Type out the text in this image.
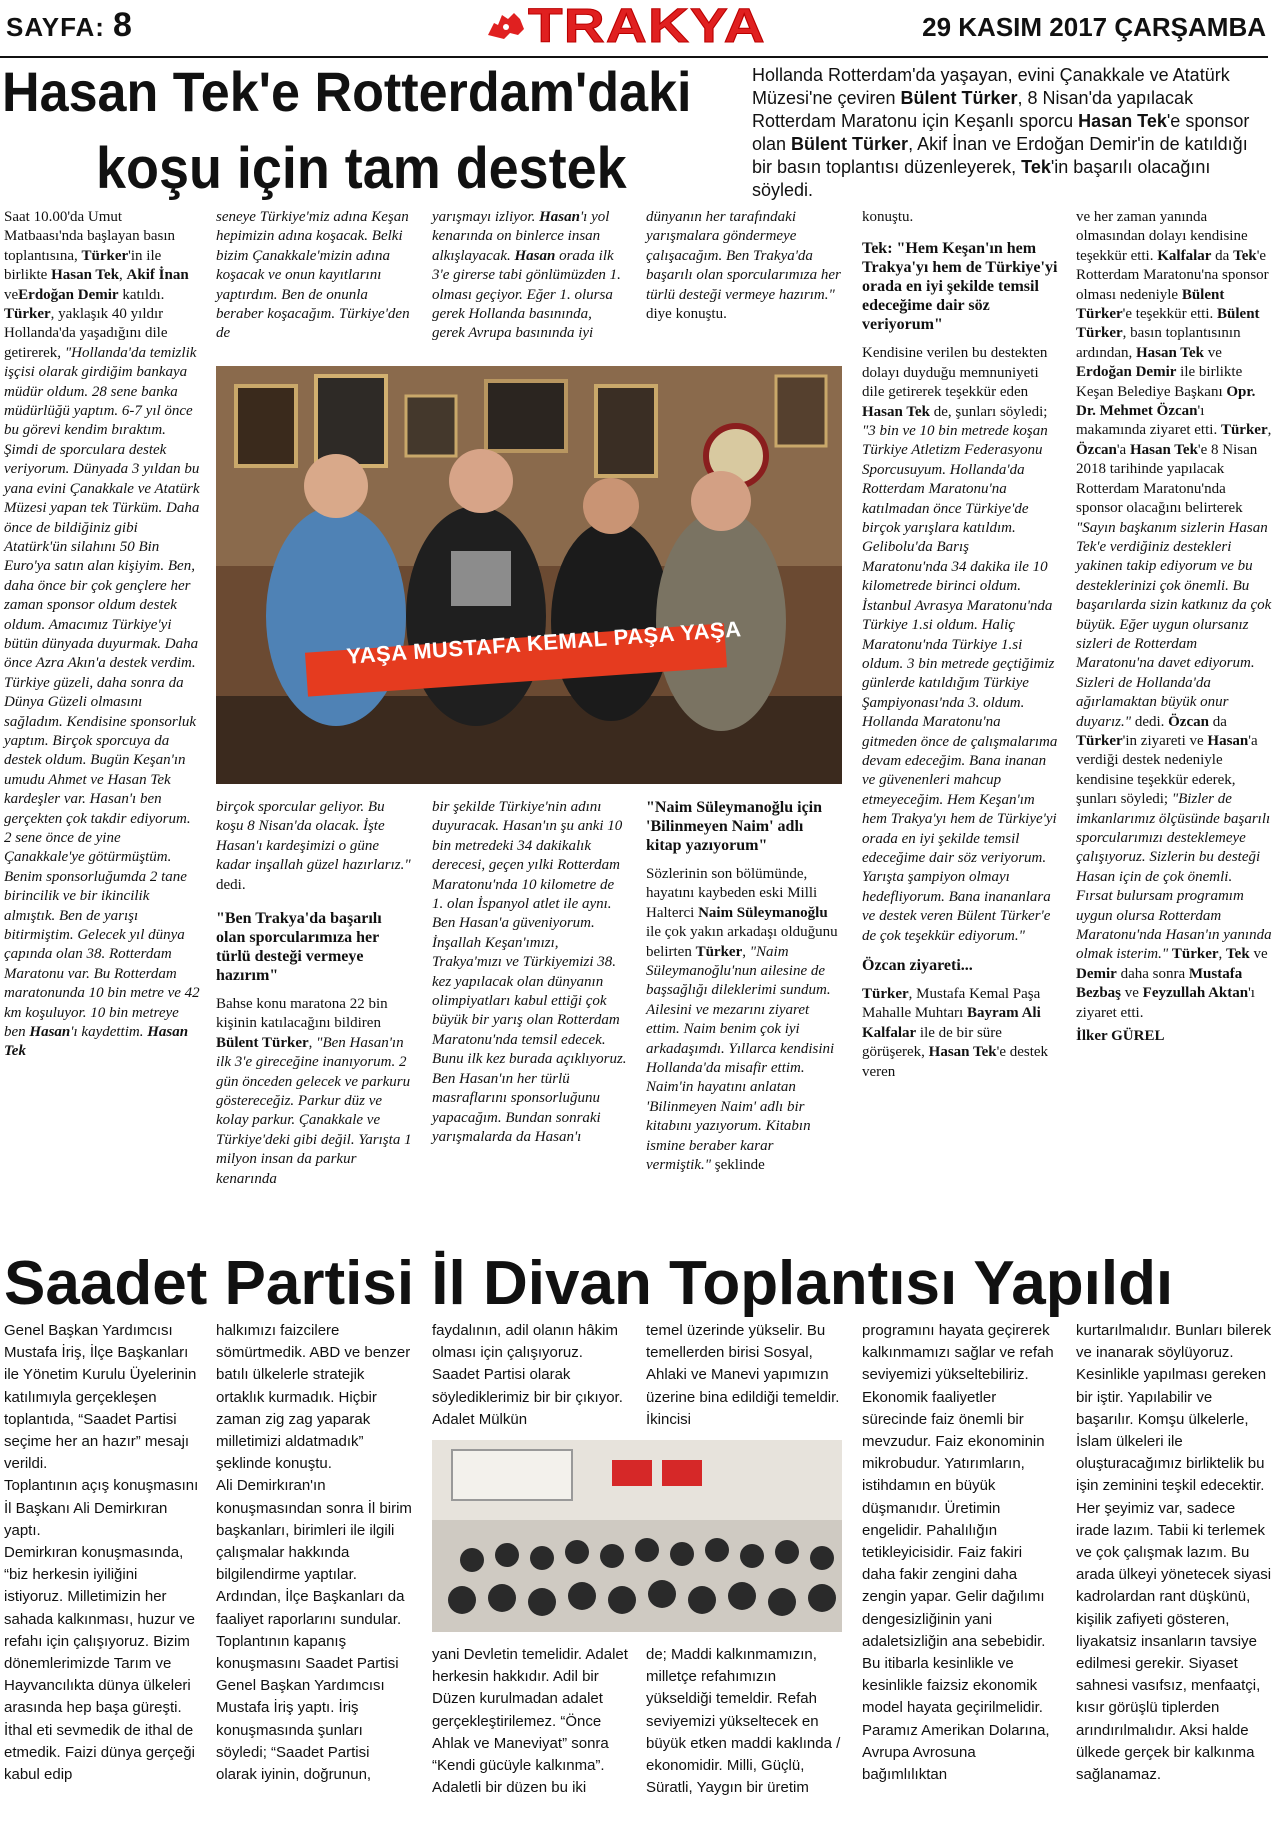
SAYFA: 8	TRAKYA	29 KASIM 2017 ÇARŞAMBA
Hasan Tek'e Rotterdam'daki
koşu için tam destek
Hollanda Rotterdam'da yaşayan, evini Çanakkale ve Atatürk Müzesi'ne çeviren Bülent Türker, 8 Nisan'da yapılacak Rotterdam Maratonu için Keşanlı sporcu Hasan Tek'e sponsor olan Bülent Türker, Akif İnan ve Erdoğan Demir'in de katıldığı bir basın toplantısı düzenleyerek, Tek'in başarılı olacağını söyledi.
Saat 10.00'da Umut Matbaası'nda başlayan basın toplantısına, Türker'in ile birlikte Hasan Tek, Akif İnan veErdoğan Demir katıldı. Türker, yaklaşık 40 yıldır Hollanda'da yaşadığını dile getirerek, "Hollanda'da temizlik işçisi olarak girdiğim bankaya müdür oldum. 28 sene banka müdürlüğü yaptım. 6-7 yıl önce bu görevi kendim bıraktım. Şimdi de sporculara destek veriyorum. Dünyada 3 yıldan bu yana evini Çanakkale ve Atatürk Müzesi yapan tek Türküm. Daha önce de bildiğiniz gibi Atatürk'ün silahını 50 Bin Euro'ya satın alan kişiyim. Ben, daha önce bir çok gençlere her zaman sponsor oldum destek oldum. Amacımız Türkiye'yi bütün dünyada duyurmak. Daha önce Azra Akın'a destek verdim. Türkiye güzeli, daha sonra da Dünya Güzeli olmasını sağladım. Kendisine sponsorluk yaptım. Birçok sporcuya da destek oldum. Bugün Keşan'ın umudu Ahmet ve Hasan Tek kardeşler var. Hasan'ı ben gerçekten çok takdir ediyorum. 2 sene önce de yine Çanakkale'ye götürmüştüm. Benim sponsorluğumda 2 tane birincilik ve bir ikincilik almıştık. Ben de yarışı bitirmiştim. Gelecek yıl dünya çapında olan 38. Rotterdam Maratonu var. Bu Rotterdam maratonunda 10 bin metre ve 42 km koşuluyor. 10 bin metreye ben Hasan'ı kaydettim. Hasan Tek
seneye Türkiye'miz adına Keşan hepimizin adına koşacak. Belki bizim Çanakkale'mizin adına koşacak ve onun kayıtlarını yaptırdım. Ben de onunla beraber koşacağım. Türkiye'den de
yarışmayı izliyor. Hasan'ı yol kenarında on binlerce insan alkışlayacak. Hasan orada ilk 3'e girerse tabi gönlümüzden 1. olması geçiyor. Eğer 1. olursa gerek Hollanda basınında, gerek Avrupa basınında iyi
dünyanın her tarafındaki yarışmalara göndermeye çalışacağım. Ben Trakya'da başarılı olan sporcularımıza her türlü desteği vermeye hazırım." diye konuştu.
YAŞA MUSTAFA KEMAL PAŞA YAŞA

birçok sporcular geliyor. Bu koşu 8 Nisan'da olacak. İşte Hasan'ı kardeşimizi o güne kadar inşallah güzel hazırlarız." dedi.

"Ben Trakya'da başarılı olan sporcularımıza her türlü desteği vermeye hazırım"

Bahse konu maratona 22 bin kişinin katılacağını bildiren Bülent Türker, "Ben Hasan'ın ilk 3'e gireceğine inanıyorum. 2 gün önceden gelecek ve parkuru göstereceğiz. Parkur düz ve kolay parkur. Çanakkale ve Türkiye'deki gibi değil. Yarışta 1 milyon insan da parkur kenarında

bir şekilde Türkiye'nin adını duyuracak. Hasan'ın şu anki 10 bin metredeki 34 dakikalık derecesi, geçen yılki Rotterdam Maratonu'nda 10 kilometre de 1. olan İspanyol atlet ile aynı. Ben Hasan'a güveniyorum. İnşallah Keşan'ımızı, Trakya'mızı ve Türkiyemizi 38. kez yapılacak olan dünyanın olimpiyatları kabul ettiği çok büyük bir yarış olan Rotterdam Maratonu'nda temsil edecek. Bunu ilk kez burada açıklıyoruz. Ben Hasan'ın her türlü masraflarını sponsorluğunu yapacağım. Bundan sonraki yarışmalarda da Hasan'ı
"Naim Süleymanoğlu için 'Bilinmeyen Naim' adlı kitap yazıyorum"

Sözlerinin son bölümünde, hayatını kaybeden eski Milli Halterci Naim Süleymanoğlu ile çok yakın arkadaşı olduğunu belirten Türker, "Naim Süleymanoğlu'nun ailesine de başsağlığı dileklerimi sundum. Ailesini ve mezarını ziyaret ettim. Naim benim çok iyi arkadaşımdı. Yıllarca kendisini Hollanda'da misafir ettim. Naim'in hayatını anlatan 'Bilinmeyen Naim' adlı bir kitabını yazıyorum. Kitabın ismine beraber karar vermiştik." şeklinde

konuştu.

Tek: "Hem Keşan'ın hem Trakya'yı hem de Türkiye'yi orada en iyi şekilde temsil edeceğime dair söz veriyorum"

Kendisine verilen bu destekten dolayı duyduğu memnuniyeti dile getirerek teşekkür eden Hasan Tek de, şunları söyledi; "3 bin ve 10 bin metrede koşan Türkiye Atletizm Federasyonu Sporcusuyum. Hollanda'da Rotterdam Maratonu'na katılmadan önce Türkiye'de birçok yarışlara katıldım. Gelibolu'da Barış Maratonu'nda 34 dakika ile 10 kilometrede birinci oldum. İstanbul Avrasya Maratonu'nda Türkiye 1.si oldum. Haliç Maratonu'nda Türkiye 1.si oldum. 3 bin metrede geçtiğimiz günlerde katıldığım Türkiye Şampiyonası'nda 3. oldum. Hollanda Maratonu'na gitmeden önce de çalışmalarıma devam edeceğim. Bana inanan ve güvenenleri mahcup etmeyeceğim. Hem Keşan'ım hem Trakya'yı hem de Türkiye'yi orada en iyi şekilde temsil edeceğime dair söz veriyorum. Yarışta şampiyon olmayı hedefliyorum. Bana inananlara ve destek veren Bülent Türker'e de çok teşekkür ediyorum."

Özcan ziyareti...

Türker, Mustafa Kemal Paşa Mahalle Muhtarı Bayram Ali Kalfalar ile de bir süre görüşerek, Hasan Tek'e destek veren

ve her zaman yanında olmasından dolayı kendisine teşekkür etti. Kalfalar da Tek'e Rotterdam Maratonu'na sponsor olması nedeniyle Bülent Türker'e teşekkür etti. Bülent Türker, basın toplantısının ardından, Hasan Tek ve Erdoğan Demir ile birlikte Keşan Belediye Başkanı Opr. Dr. Mehmet Özcan'ı makamında ziyaret etti. Türker, Özcan'a Hasan Tek'e 8 Nisan 2018 tarihinde yapılacak Rotterdam Maratonu'nda sponsor olacağını belirterek "Sayın başkanım sizlerin Hasan Tek'e verdiğiniz destekleri yakinen takip ediyorum ve bu desteklerinizi çok önemli. Bu başarılarda sizin katkınız da çok büyük. Eğer uygun olursanız sizleri de Rotterdam Maratonu'na davet ediyorum. Sizleri de Hollanda'da ağırlamaktan büyük onur duyarız." dedi. Özcan da Türker'in ziyareti ve Hasan'a verdiği destek nedeniyle kendisine teşekkür ederek, şunları söyledi; "Bizler de imkanlarımız ölçüsünde başarılı sporcularımızı desteklemeye çalışıyoruz. Sizlerin bu desteği Hasan için de çok önemli. Fırsat bulursam programım uygun olursa Rotterdam Maratonu'nda Hasan'ın yanında olmak isterim." Türker, Tek ve Demir daha sonra Mustafa Bezbaş ve Feyzullah Aktan'ı ziyaret etti.

İlker GÜREL

Saadet Partisi İl Divan Toplantısı Yapıldı
Genel Başkan Yardımcısı Mustafa İriş, İlçe Başkanları ile Yönetim Kurulu Üyelerinin katılımıyla gerçekleşen toplantıda, “Saadet Partisi seçime her an hazır” mesajı verildi.
Toplantının açış konuşmasını İl Başkanı Ali Demirkıran yaptı.
Demirkıran konuşmasında, “biz herkesin iyiliğini istiyoruz. Milletimizin her sahada kalkınması, huzur ve refahı için çalışıyoruz. Bizim dönemlerimizde Tarım ve Hayvancılıkta dünya ülkeleri arasında hep başa güreşti. İthal eti sevmedik de ithal de etmedik. Faizi dünya gerçeği kabul edip
halkımızı faizcilere sömürtmedik. ABD ve benzer batılı ülkelerle stratejik ortaklık kurmadık. Hiçbir zaman zig zag yaparak milletimizi aldatmadık” şeklinde konuştu.
Ali Demirkıran'ın konuşmasından sonra İl birim başkanları, birimleri ile ilgili çalışmalar hakkında bilgilendirme yaptılar. Ardından, İlçe Başkanları da faaliyet raporlarını sundular.
Toplantının kapanış konuşmasını Saadet Partisi Genel Başkan Yardımcısı Mustafa İriş yaptı. İriş konuşmasında şunları söyledi; “Saadet Partisi olarak iyinin, doğrunun,
faydalının, adil olanın hâkim olması için çalışıyoruz. Saadet Partisi olarak söylediklerimiz bir bir çıkıyor. Adalet Mülkün
temel üzerinde yükselir. Bu temellerden birisi Sosyal, Ahlaki ve Manevi yapımızın üzerine bina edildiği temeldir. İkincisi
yani Devletin temelidir. Adalet herkesin hakkıdır. Adil bir Düzen kurulmadan adalet gerçekleştirilemez. “Önce Ahlak ve Maneviyat” sonra “Kendi gücüyle kalkınma”. Adaletli bir düzen bu iki
de; Maddi kalkınmamızın, milletçe refahımızın yükseldiği temeldir. Refah seviyemizi yükseltecek en büyük etken maddi kaklında / ekonomidir. Milli, Güçlü, Süratli, Yaygın bir üretim
programını hayata geçirerek kalkınmamızı sağlar ve refah seviyemizi yükseltebiliriz.
Ekonomik faaliyetler sürecinde faiz önemli bir mevzudur. Faiz ekonominin mikrobudur. Yatırımların, istihdamın en büyük düşmanıdır. Üretimin engelidir. Pahalılığın tetikleyicisidir. Faiz fakiri daha fakir zengini daha zengin yapar. Gelir dağılımı dengesizliğinin yani adaletsizliğin ana sebebidir.
Bu itibarla kesinlikle ve kesinlikle faizsiz ekonomik model hayata geçirilmelidir. Paramız Amerikan Dolarına, Avrupa Avrosuna bağımlılıktan
kurtarılmalıdır. Bunları bilerek ve inanarak söylüyoruz. Kesinlikle yapılması gereken bir iştir. Yapılabilir ve başarılır. Komşu ülkelerle, İslam ülkeleri ile oluşturacağımız birliktelik bu işin zeminini teşkil edecektir. Her şeyimiz var, sadece irade lazım. Tabii ki terlemek ve çok çalışmak lazım. Bu arada ülkeyi yönetecek siyasi kadrolardan rant düşkünü, kişilik zafiyeti gösteren, liyakatsiz insanların tavsiye edilmesi gerekir. Siyaset sahnesi vasıfsız, menfaatçi, kısır görüşlü tiplerden arındırılmalıdır. Aksi halde ülkede gerçek bir kalkınma sağlanamaz.
